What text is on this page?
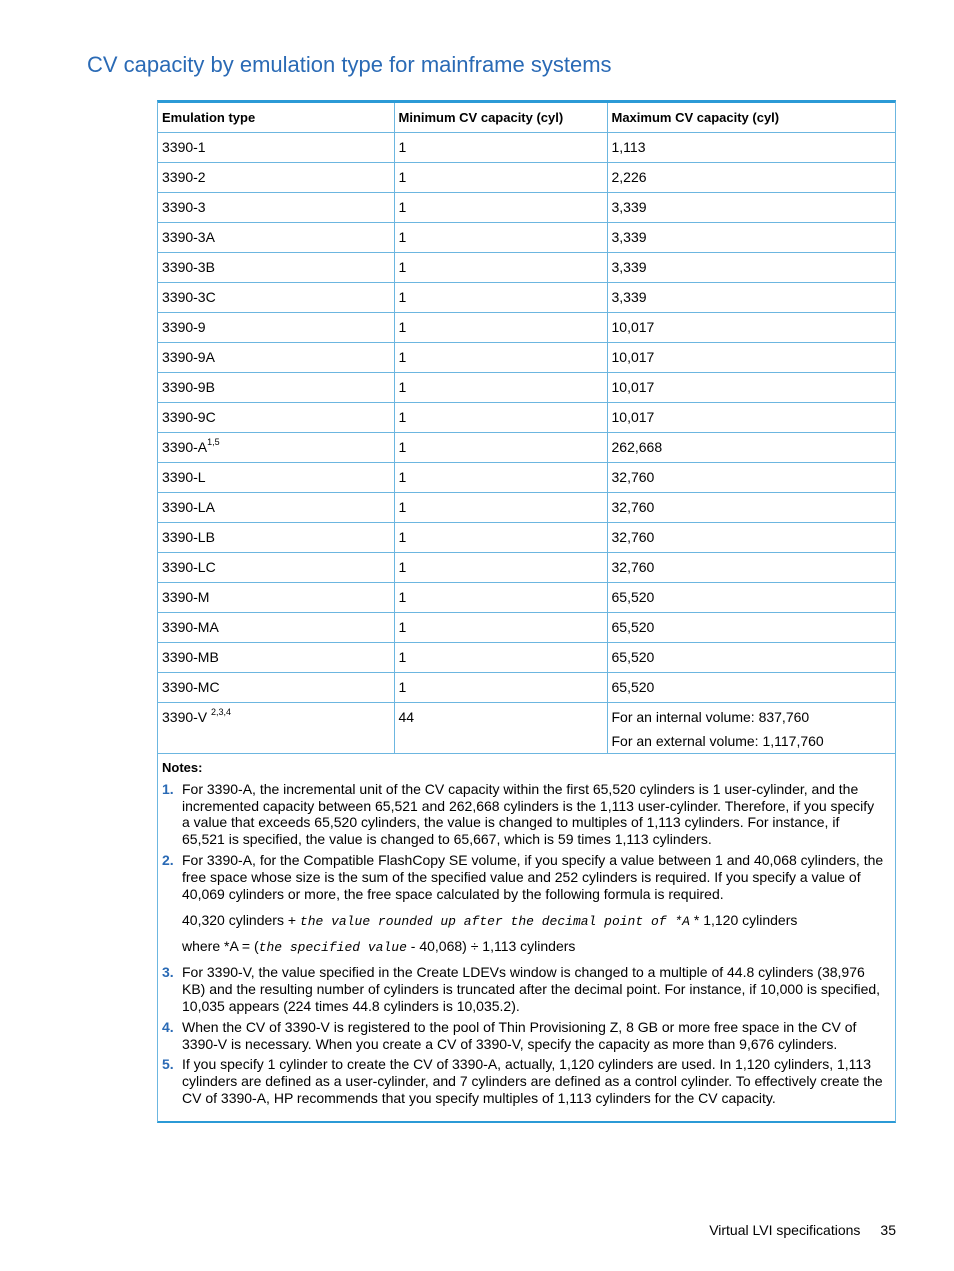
CV capacity by emulation type for mainframe systems
Emulation type	Minimum CV capacity (cyl)	Maximum CV capacity (cyl)
3390-1	1	1,113
3390-2	1	2,226
3390-3	1	3,339
3390-3A	1	3,339
3390-3B	1	3,339
3390-3C	1	3,339
3390-9	1	10,017
3390-9A	1	10,017
3390-9B	1	10,017
3390-9C	1	10,017
$3390-A^{1,5}$	1	262,668
3390-L	1	32,760
3390-LA	1	32,760
3390-LB	1	32,760
3390-LC	1	32,760
3390-M	1	65,520
3390-MA	1	65,520
3390-MB	1	65,520
3390-MC	1	65,520
3390-V $^{2,3,4}$	44	For an internal volume: 837,760
For an external volume: 1,117,760
Notes:
1. For 3390-A, the incremental unit of the CV capacity within the first 65,520 cylinders is 1 user-cylinder, and the incremented capacity between 65,521 and 262,668 cylinders is the 1,113 user-cylinder. Therefore, if you specify a value that exceeds 65,520 cylinders, the value is changed to multiples of 1,113 cylinders. For instance, if 65,521 is specified, the value is changed to 65,667, which is 59 times 1,113 cylinders.
2. For 3390-A, for the Compatible FlashCopy SE volume, if you specify a value between 1 and 40,068 cylinders, the free space whose size is the sum of the specified value and 252 cylinders is required. If you specify a value of 40,069 cylinders or more, the free space calculated by the following formula is required.
40,320 cylinders + the value rounded up after the decimal point of *A * 1,120 cylinders
where *A = (the specified value - 40,068) ÷ 1,113 cylinders
3. For 3390-V, the value specified in the Create LDEVs window is changed to a multiple of 44.8 cylinders (38,976 KB) and the resulting number of cylinders is truncated after the decimal point. For instance, if 10,000 is specified, 10,035 appears (224 times 44.8 cylinders is 10,035.2).
4. When the CV of 3390-V is registered to the pool of Thin Provisioning Z, 8 GB or more free space in the CV of 3390-V is necessary. When you create a CV of 3390-V, specify the capacity as more than 9,676 cylinders.
5. If you specify 1 cylinder to create the CV of 3390-A, actually, 1,120 cylinders are used. In 1,120 cylinders, 1,113 cylinders are defined as a user-cylinder, and 7 cylinders are defined as a control cylinder. To effectively create the CV of 3390-A, HP recommends that you specify multiples of 1,113 cylinders for the CV capacity.
Virtual LVI specifications 35
